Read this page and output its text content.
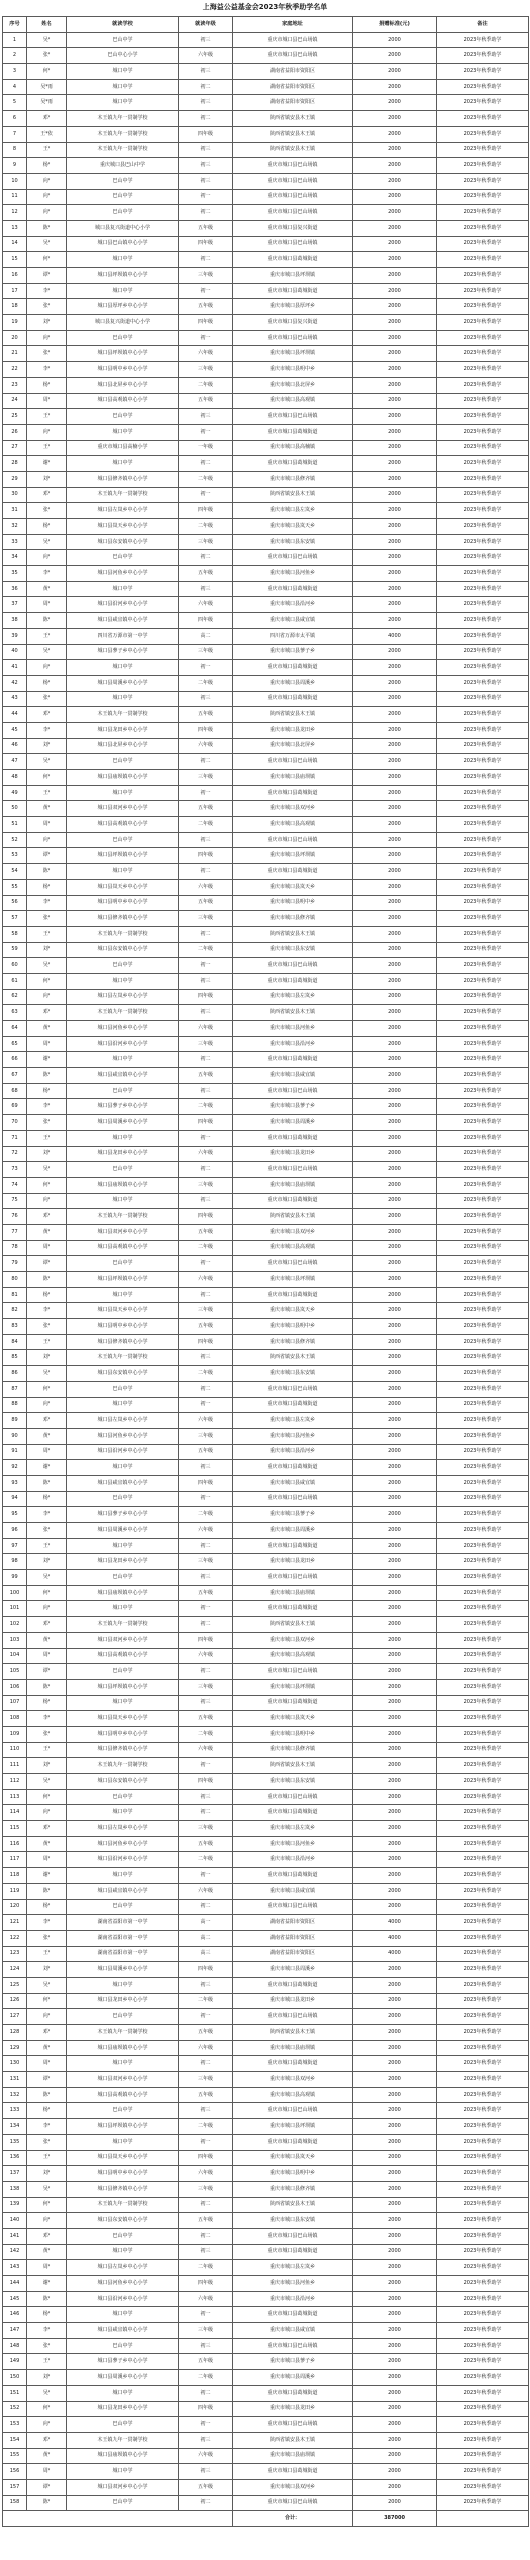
上海益公益基金会2023年秋季助学名单
序号	姓名	就读学校	就读年级	家庭地址	捐赠标准(元)	备注
1	吴*	巴山中学	初三	重庆市城口县巴山场镇	2000	2023年秋季助学
2	张*	巴山中心小学	六年级	重庆市城口县巴山场镇	2000	2023年秋季助学
3	何*	城口中学	初三	湖南省益阳市资阳区	2000	2023年秋季助学
4	吴*雨	城口中学	初二	湖南省益阳市资阳区	2000	2023年秋季助学
5	吴*雨	城口中学	初三	湖南省益阳市资阳区	2000	2023年秋季助学
6	邓*	木王镇九年一贯制学校	初二	陕西省镇安县木王镇	2000	2023年秋季助学
7	王*依	木王镇九年一贯制学校	四年级	陕西省镇安县木王镇	2000	2023年秋季助学
8	王*	木王镇九年一贯制学校	初三	陕西省镇安县木王镇	2000	2023年秋季助学
9	杨*	重庆城口县巴山中学	初三	重庆市城口县巴山场镇	2000	2023年秋季助学
10	向*	巴山中学	初三	重庆市城口县巴山场镇	2000	2023年秋季助学
11	向*	巴山中学	初一	重庆市城口县巴山场镇	2000	2023年秋季助学
12	向*	巴山中学	初二	重庆市城口县巴山场镇	2000	2023年秋季助学
13	陈*	城口县复兴街道中心小学	五年级	重庆市城口县复兴街道	2000	2023年秋季助学
14	吴*	城口县巴山镇中心小学	四年级	重庆市城口县巴山场镇	2000	2023年秋季助学
15	何*	城口中学	初二	重庆市城口县葛城街道	2000	2023年秋季助学
16	谭*	城口县坪坝镇中心小学	三年级	重庆市城口县坪坝镇	2000	2023年秋季助学
17	李*	城口中学	初一	重庆市城口县葛城街道	2000	2023年秋季助学
18	张*	城口县厚坪乡中心小学	五年级	重庆市城口县厚坪乡	2000	2023年秋季助学
19	刘*	城口县复兴街道中心小学	四年级	重庆市城口县复兴街道	2000	2023年秋季助学
20	向*	巴山中学	初一	重庆市城口县巴山场镇	2000	2023年秋季助学
21	张*	城口县坪坝镇中心小学	六年级	重庆市城口县坪坝镇	2000	2023年秋季助学
22	李*	城口县明中乡中心小学	三年级	重庆市城口县明中乡	2000	2023年秋季助学
23	杨*	城口县北屏乡中心小学	二年级	重庆市城口县北屏乡	2000	2023年秋季助学
24	周*	城口县高观镇中心小学	五年级	重庆市城口县高观镇	2000	2023年秋季助学
25	王*	巴山中学	初三	重庆市城口县巴山场镇	2000	2023年秋季助学
26	向*	城口中学	初一	重庆市城口县葛城街道	2000	2023年秋季助学
27	王*	重庆市城口县高楠小学	一年级	重庆市城口县高楠镇	2000	2023年秋季助学
28	谢*	城口中学	初二	重庆市城口县葛城街道	2000	2023年秋季助学
29	刘*	城口县修齐镇中心小学	二年级	重庆市城口县修齐镇	2000	2023年秋季助学
30	邓*	木王镇九年一贯制学校	初一	陕西省镇安县木王镇	2000	2023年秋季助学
31	张*	城口县左岚乡中心小学	四年级	重庆市城口县左岚乡	2000	2023年秋季助学
32	杨*	城口县岚天乡中心小学	二年级	重庆市城口县岚天乡	2000	2023年秋季助学
33	吴*	城口县东安镇中心小学	三年级	重庆市城口县东安镇	2000	2023年秋季助学
34	向*	巴山中学	初二	重庆市城口县巴山场镇	2000	2023年秋季助学
35	李*	城口县河鱼乡中心小学	五年级	重庆市城口县河鱼乡	2000	2023年秋季助学
36	黄*	城口中学	初三	重庆市城口县葛城街道	2000	2023年秋季助学
37	周*	城口县沿河乡中心小学	六年级	重庆市城口县沿河乡	2000	2023年秋季助学
38	陈*	城口县咸宜镇中心小学	四年级	重庆市城口县咸宜镇	2000	2023年秋季助学
39	王*	四川省万源市第一中学	高二	四川省万源市太平镇	4000	2023年秋季助学
40	吴*	城口县蓼子乡中心小学	三年级	重庆市城口县蓼子乡	2000	2023年秋季助学
41	向*	城口中学	初一	重庆市城口县葛城街道	2000	2023年秋季助学
42	杨*	城口县周溪乡中心小学	二年级	重庆市城口县周溪乡	2000	2023年秋季助学
43	张*	城口中学	初三	重庆市城口县葛城街道	2000	2023年秋季助学
44	邓*	木王镇九年一贯制学校	五年级	陕西省镇安县木王镇	2000	2023年秋季助学
45	李*	城口县龙田乡中心小学	四年级	重庆市城口县龙田乡	2000	2023年秋季助学
46	刘*	城口县北屏乡中心小学	六年级	重庆市城口县北屏乡	2000	2023年秋季助学
47	吴*	巴山中学	初二	重庆市城口县巴山场镇	2000	2023年秋季助学
48	何*	城口县庙坝镇中心小学	三年级	重庆市城口县庙坝镇	2000	2023年秋季助学
49	王*	城口中学	初一	重庆市城口县葛城街道	2000	2023年秋季助学
50	黄*	城口县双河乡中心小学	五年级	重庆市城口县双河乡	2000	2023年秋季助学
51	周*	城口县高观镇中心小学	二年级	重庆市城口县高观镇	2000	2023年秋季助学
52	向*	巴山中学	初三	重庆市城口县巴山场镇	2000	2023年秋季助学
53	谭*	城口县坪坝镇中心小学	四年级	重庆市城口县坪坝镇	2000	2023年秋季助学
54	陈*	城口中学	初二	重庆市城口县葛城街道	2000	2023年秋季助学
55	杨*	城口县岚天乡中心小学	六年级	重庆市城口县岚天乡	2000	2023年秋季助学
56	李*	城口县明中乡中心小学	五年级	重庆市城口县明中乡	2000	2023年秋季助学
57	张*	城口县修齐镇中心小学	三年级	重庆市城口县修齐镇	2000	2023年秋季助学
58	王*	木王镇九年一贯制学校	初二	陕西省镇安县木王镇	2000	2023年秋季助学
59	刘*	城口县东安镇中心小学	二年级	重庆市城口县东安镇	2000	2023年秋季助学
60	吴*	巴山中学	初一	重庆市城口县巴山场镇	2000	2023年秋季助学
61	何*	城口中学	初三	重庆市城口县葛城街道	2000	2023年秋季助学
62	向*	城口县左岚乡中心小学	四年级	重庆市城口县左岚乡	2000	2023年秋季助学
63	邓*	木王镇九年一贯制学校	初三	陕西省镇安县木王镇	2000	2023年秋季助学
64	黄*	城口县河鱼乡中心小学	六年级	重庆市城口县河鱼乡	2000	2023年秋季助学
65	周*	城口县沿河乡中心小学	三年级	重庆市城口县沿河乡	2000	2023年秋季助学
66	谢*	城口中学	初二	重庆市城口县葛城街道	2000	2023年秋季助学
67	陈*	城口县咸宜镇中心小学	五年级	重庆市城口县咸宜镇	2000	2023年秋季助学
68	杨*	巴山中学	初三	重庆市城口县巴山场镇	2000	2023年秋季助学
69	李*	城口县蓼子乡中心小学	二年级	重庆市城口县蓼子乡	2000	2023年秋季助学
70	张*	城口县周溪乡中心小学	四年级	重庆市城口县周溪乡	2000	2023年秋季助学
71	王*	城口中学	初一	重庆市城口县葛城街道	2000	2023年秋季助学
72	刘*	城口县龙田乡中心小学	六年级	重庆市城口县龙田乡	2000	2023年秋季助学
73	吴*	巴山中学	初二	重庆市城口县巴山场镇	2000	2023年秋季助学
74	何*	城口县庙坝镇中心小学	三年级	重庆市城口县庙坝镇	2000	2023年秋季助学
75	向*	城口中学	初三	重庆市城口县葛城街道	2000	2023年秋季助学
76	邓*	木王镇九年一贯制学校	四年级	陕西省镇安县木王镇	2000	2023年秋季助学
77	黄*	城口县双河乡中心小学	五年级	重庆市城口县双河乡	2000	2023年秋季助学
78	周*	城口县高观镇中心小学	二年级	重庆市城口县高观镇	2000	2023年秋季助学
79	谭*	巴山中学	初一	重庆市城口县巴山场镇	2000	2023年秋季助学
80	陈*	城口县坪坝镇中心小学	六年级	重庆市城口县坪坝镇	2000	2023年秋季助学
81	杨*	城口中学	初二	重庆市城口县葛城街道	2000	2023年秋季助学
82	李*	城口县岚天乡中心小学	三年级	重庆市城口县岚天乡	2000	2023年秋季助学
83	张*	城口县明中乡中心小学	五年级	重庆市城口县明中乡	2000	2023年秋季助学
84	王*	城口县修齐镇中心小学	四年级	重庆市城口县修齐镇	2000	2023年秋季助学
85	刘*	木王镇九年一贯制学校	初三	陕西省镇安县木王镇	2000	2023年秋季助学
86	吴*	城口县东安镇中心小学	二年级	重庆市城口县东安镇	2000	2023年秋季助学
87	何*	巴山中学	初二	重庆市城口县巴山场镇	2000	2023年秋季助学
88	向*	城口中学	初一	重庆市城口县葛城街道	2000	2023年秋季助学
89	邓*	城口县左岚乡中心小学	六年级	重庆市城口县左岚乡	2000	2023年秋季助学
90	黄*	城口县河鱼乡中心小学	三年级	重庆市城口县河鱼乡	2000	2023年秋季助学
91	周*	城口县沿河乡中心小学	五年级	重庆市城口县沿河乡	2000	2023年秋季助学
92	谢*	城口中学	初三	重庆市城口县葛城街道	2000	2023年秋季助学
93	陈*	城口县咸宜镇中心小学	四年级	重庆市城口县咸宜镇	2000	2023年秋季助学
94	杨*	巴山中学	初一	重庆市城口县巴山场镇	2000	2023年秋季助学
95	李*	城口县蓼子乡中心小学	二年级	重庆市城口县蓼子乡	2000	2023年秋季助学
96	张*	城口县周溪乡中心小学	六年级	重庆市城口县周溪乡	2000	2023年秋季助学
97	王*	城口中学	初二	重庆市城口县葛城街道	2000	2023年秋季助学
98	刘*	城口县龙田乡中心小学	三年级	重庆市城口县龙田乡	2000	2023年秋季助学
99	吴*	巴山中学	初三	重庆市城口县巴山场镇	2000	2023年秋季助学
100	何*	城口县庙坝镇中心小学	五年级	重庆市城口县庙坝镇	2000	2023年秋季助学
101	向*	城口中学	初一	重庆市城口县葛城街道	2000	2023年秋季助学
102	邓*	木王镇九年一贯制学校	初二	陕西省镇安县木王镇	2000	2023年秋季助学
103	黄*	城口县双河乡中心小学	四年级	重庆市城口县双河乡	2000	2023年秋季助学
104	周*	城口县高观镇中心小学	六年级	重庆市城口县高观镇	2000	2023年秋季助学
105	谭*	巴山中学	初二	重庆市城口县巴山场镇	2000	2023年秋季助学
106	陈*	城口县坪坝镇中心小学	三年级	重庆市城口县坪坝镇	2000	2023年秋季助学
107	杨*	城口中学	初三	重庆市城口县葛城街道	2000	2023年秋季助学
108	李*	城口县岚天乡中心小学	五年级	重庆市城口县岚天乡	2000	2023年秋季助学
109	张*	城口县明中乡中心小学	二年级	重庆市城口县明中乡	2000	2023年秋季助学
110	王*	城口县修齐镇中心小学	六年级	重庆市城口县修齐镇	2000	2023年秋季助学
111	刘*	木王镇九年一贯制学校	初一	陕西省镇安县木王镇	2000	2023年秋季助学
112	吴*	城口县东安镇中心小学	四年级	重庆市城口县东安镇	2000	2023年秋季助学
113	何*	巴山中学	初三	重庆市城口县巴山场镇	2000	2023年秋季助学
114	向*	城口中学	初二	重庆市城口县葛城街道	2000	2023年秋季助学
115	邓*	城口县左岚乡中心小学	三年级	重庆市城口县左岚乡	2000	2023年秋季助学
116	黄*	城口县河鱼乡中心小学	五年级	重庆市城口县河鱼乡	2000	2023年秋季助学
117	周*	城口县沿河乡中心小学	二年级	重庆市城口县沿河乡	2000	2023年秋季助学
118	谢*	城口中学	初一	重庆市城口县葛城街道	2000	2023年秋季助学
119	陈*	城口县咸宜镇中心小学	六年级	重庆市城口县咸宜镇	2000	2023年秋季助学
120	杨*	巴山中学	初二	重庆市城口县巴山场镇	2000	2023年秋季助学
121	李*	湖南省益阳市第一中学	高一	湖南省益阳市资阳区	4000	2023年秋季助学
122	张*	湖南省益阳市第一中学	高二	湖南省益阳市资阳区	4000	2023年秋季助学
123	王*	湖南省益阳市第一中学	高三	湖南省益阳市资阳区	4000	2023年秋季助学
124	刘*	城口县周溪乡中心小学	四年级	重庆市城口县周溪乡	2000	2023年秋季助学
125	吴*	城口中学	初三	重庆市城口县葛城街道	2000	2023年秋季助学
126	何*	城口县龙田乡中心小学	二年级	重庆市城口县龙田乡	2000	2023年秋季助学
127	向*	巴山中学	初一	重庆市城口县巴山场镇	2000	2023年秋季助学
128	邓*	木王镇九年一贯制学校	五年级	陕西省镇安县木王镇	2000	2023年秋季助学
129	黄*	城口县庙坝镇中心小学	六年级	重庆市城口县庙坝镇	2000	2023年秋季助学
130	周*	城口中学	初二	重庆市城口县葛城街道	2000	2023年秋季助学
131	谭*	城口县双河乡中心小学	三年级	重庆市城口县双河乡	2000	2023年秋季助学
132	陈*	城口县高观镇中心小学	五年级	重庆市城口县高观镇	2000	2023年秋季助学
133	杨*	巴山中学	初三	重庆市城口县巴山场镇	2000	2023年秋季助学
134	李*	城口县坪坝镇中心小学	二年级	重庆市城口县坪坝镇	2000	2023年秋季助学
135	张*	城口中学	初一	重庆市城口县葛城街道	2000	2023年秋季助学
136	王*	城口县岚天乡中心小学	四年级	重庆市城口县岚天乡	2000	2023年秋季助学
137	刘*	城口县明中乡中心小学	六年级	重庆市城口县明中乡	2000	2023年秋季助学
138	吴*	城口县修齐镇中心小学	三年级	重庆市城口县修齐镇	2000	2023年秋季助学
139	何*	木王镇九年一贯制学校	初二	陕西省镇安县木王镇	2000	2023年秋季助学
140	向*	城口县东安镇中心小学	五年级	重庆市城口县东安镇	2000	2023年秋季助学
141	邓*	巴山中学	初二	重庆市城口县巴山场镇	2000	2023年秋季助学
142	黄*	城口中学	初三	重庆市城口县葛城街道	2000	2023年秋季助学
143	周*	城口县左岚乡中心小学	二年级	重庆市城口县左岚乡	2000	2023年秋季助学
144	谢*	城口县河鱼乡中心小学	四年级	重庆市城口县河鱼乡	2000	2023年秋季助学
145	陈*	城口县沿河乡中心小学	六年级	重庆市城口县沿河乡	2000	2023年秋季助学
146	杨*	城口中学	初一	重庆市城口县葛城街道	2000	2023年秋季助学
147	李*	城口县咸宜镇中心小学	三年级	重庆市城口县咸宜镇	2000	2023年秋季助学
148	张*	巴山中学	初三	重庆市城口县巴山场镇	2000	2023年秋季助学
149	王*	城口县蓼子乡中心小学	五年级	重庆市城口县蓼子乡	2000	2023年秋季助学
150	刘*	城口县周溪乡中心小学	二年级	重庆市城口县周溪乡	2000	2023年秋季助学
151	吴*	城口中学	初二	重庆市城口县葛城街道	2000	2023年秋季助学
152	何*	城口县龙田乡中心小学	四年级	重庆市城口县龙田乡	2000	2023年秋季助学
153	向*	巴山中学	初一	重庆市城口县巴山场镇	2000	2023年秋季助学
154	邓*	木王镇九年一贯制学校	初三	陕西省镇安县木王镇	2000	2023年秋季助学
155	黄*	城口县庙坝镇中心小学	六年级	重庆市城口县庙坝镇	2000	2023年秋季助学
156	周*	城口中学	初三	重庆市城口县葛城街道	2000	2023年秋季助学
157	谭*	城口县双河乡中心小学	五年级	重庆市城口县双河乡	2000	2023年秋季助学
158	陈*	巴山中学	初二	重庆市城口县巴山场镇	2000	2023年秋季助学
				合计：	387000	
